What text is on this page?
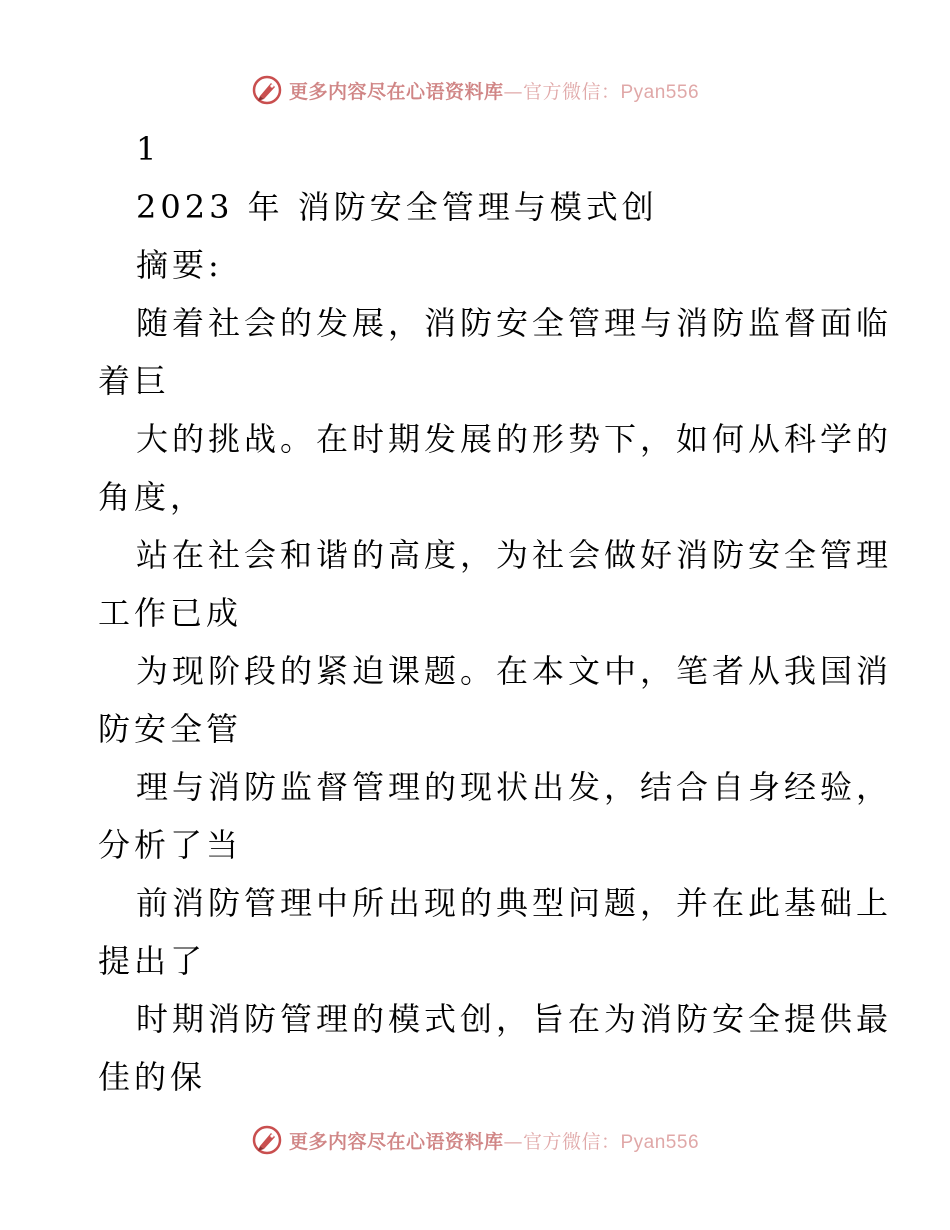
更多内容尽在心语资料库 — 官方微信： Pyan556
1
2023 年 消防安全管理与模式创
摘要:
随着社会的发展，消防安全管理与消防监督面临
着巨
大的挑战。在时期发展的形势下，如何从科学的
角度，
站在社会和谐的高度，为社会做好消防安全管理
工作已成
为现阶段的紧迫课题。在本文中，笔者从我国消
防安全管
理与消防监督管理的现状出发，结合自身经验，
分析了当
前消防管理中所出现的典型问题，并在此基础上
提出了
时期消防管理的模式创，旨在为消防安全提供最
佳的保
更多内容尽在心语资料库 — 官方微信： Pyan556
